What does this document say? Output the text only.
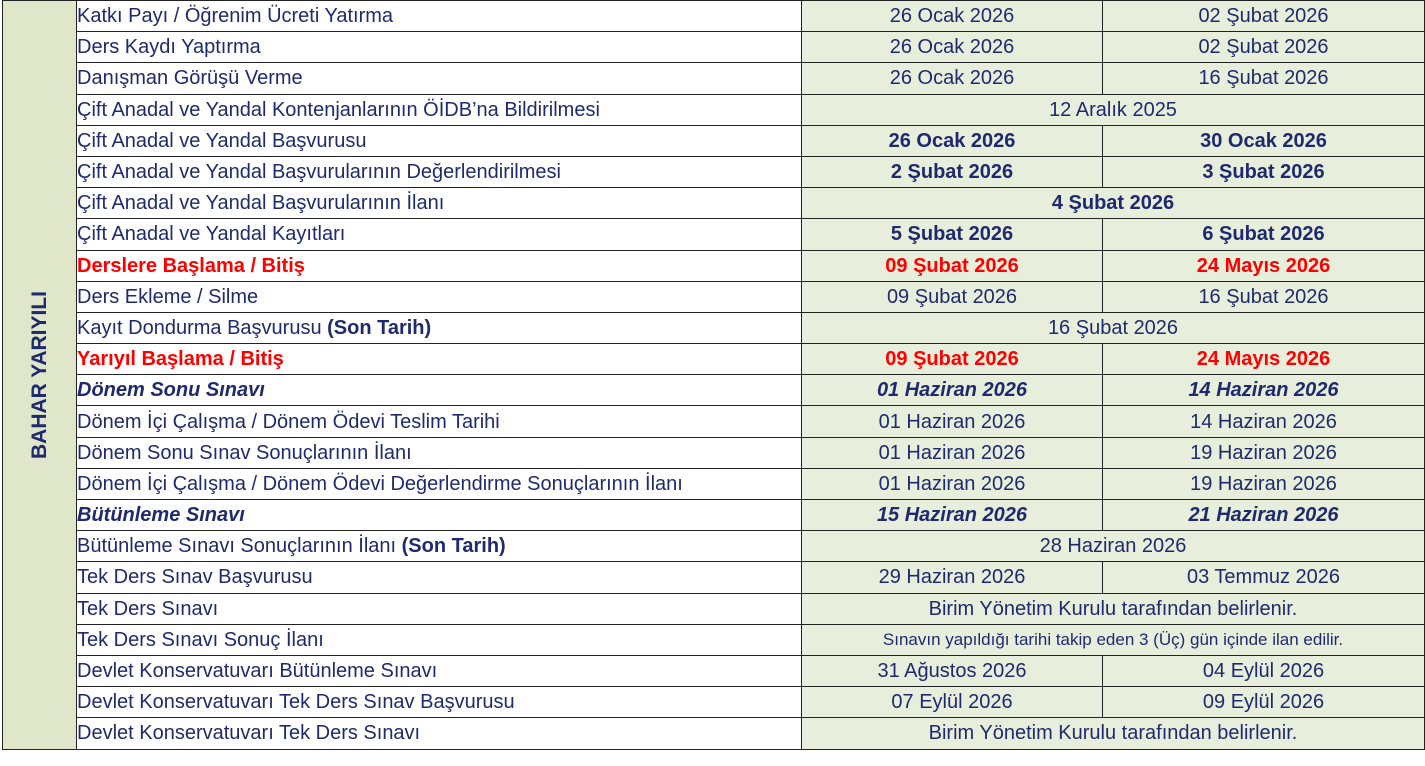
BAHAR YARIYILI	Katkı Payı / Öğrenim Ücreti Yatırma	26 Ocak 2026	02 Şubat 2026
	Ders Kaydı Yaptırma	26 Ocak 2026	02 Şubat 2026
	Danışman Görüşü Verme	26 Ocak 2026	16 Şubat 2026
	Çift Anadal ve Yandal Kontenjanlarının ÖİDB’na Bildirilmesi	12 Aralık 2025	
	Çift Anadal ve Yandal Başvurusu	26 Ocak 2026	30 Ocak 2026
	Çift Anadal ve Yandal Başvurularının Değerlendirilmesi	2 Şubat 2026	3 Şubat 2026
	Çift Anadal ve Yandal Başvurularının İlanı	4 Şubat 2026	
	Çift Anadal ve Yandal Kayıtları	5 Şubat 2026	6 Şubat 2026
	Derslere Başlama / Bitiş	09 Şubat 2026	24 Mayıs 2026
	Ders Ekleme / Silme	09 Şubat 2026	16 Şubat 2026
	Kayıt Dondurma Başvurusu (Son Tarih)	16 Şubat 2026	
	Yarıyıl Başlama / Bitiş	09 Şubat 2026	24 Mayıs 2026
	Dönem Sonu Sınavı	01 Haziran 2026	14 Haziran 2026
	Dönem İçi Çalışma / Dönem Ödevi Teslim Tarihi	01 Haziran 2026	14 Haziran 2026
	Dönem Sonu Sınav Sonuçlarının İlanı	01 Haziran 2026	19 Haziran 2026
	Dönem İçi Çalışma / Dönem Ödevi Değerlendirme Sonuçlarının İlanı	01 Haziran 2026	19 Haziran 2026
	Bütünleme Sınavı	15 Haziran 2026	21 Haziran 2026
	Bütünleme Sınavı Sonuçlarının İlanı (Son Tarih)	28 Haziran 2026	
	Tek Ders Sınav Başvurusu	29 Haziran 2026	03 Temmuz 2026
	Tek Ders Sınavı	Birim Yönetim Kurulu tarafından belirlenir.	
	Tek Ders Sınavı Sonuç İlanı	Sınavın yapıldığı tarihi takip eden 3 (Üç) gün içinde ilan edilir.	
	Devlet Konservatuvarı Bütünleme Sınavı	31 Ağustos 2026	04 Eylül 2026
	Devlet Konservatuvarı Tek Ders Sınav Başvurusu	07 Eylül 2026	09 Eylül 2026
	Devlet Konservatuvarı Tek Ders Sınavı	Birim Yönetim Kurulu tarafından belirlenir.	
